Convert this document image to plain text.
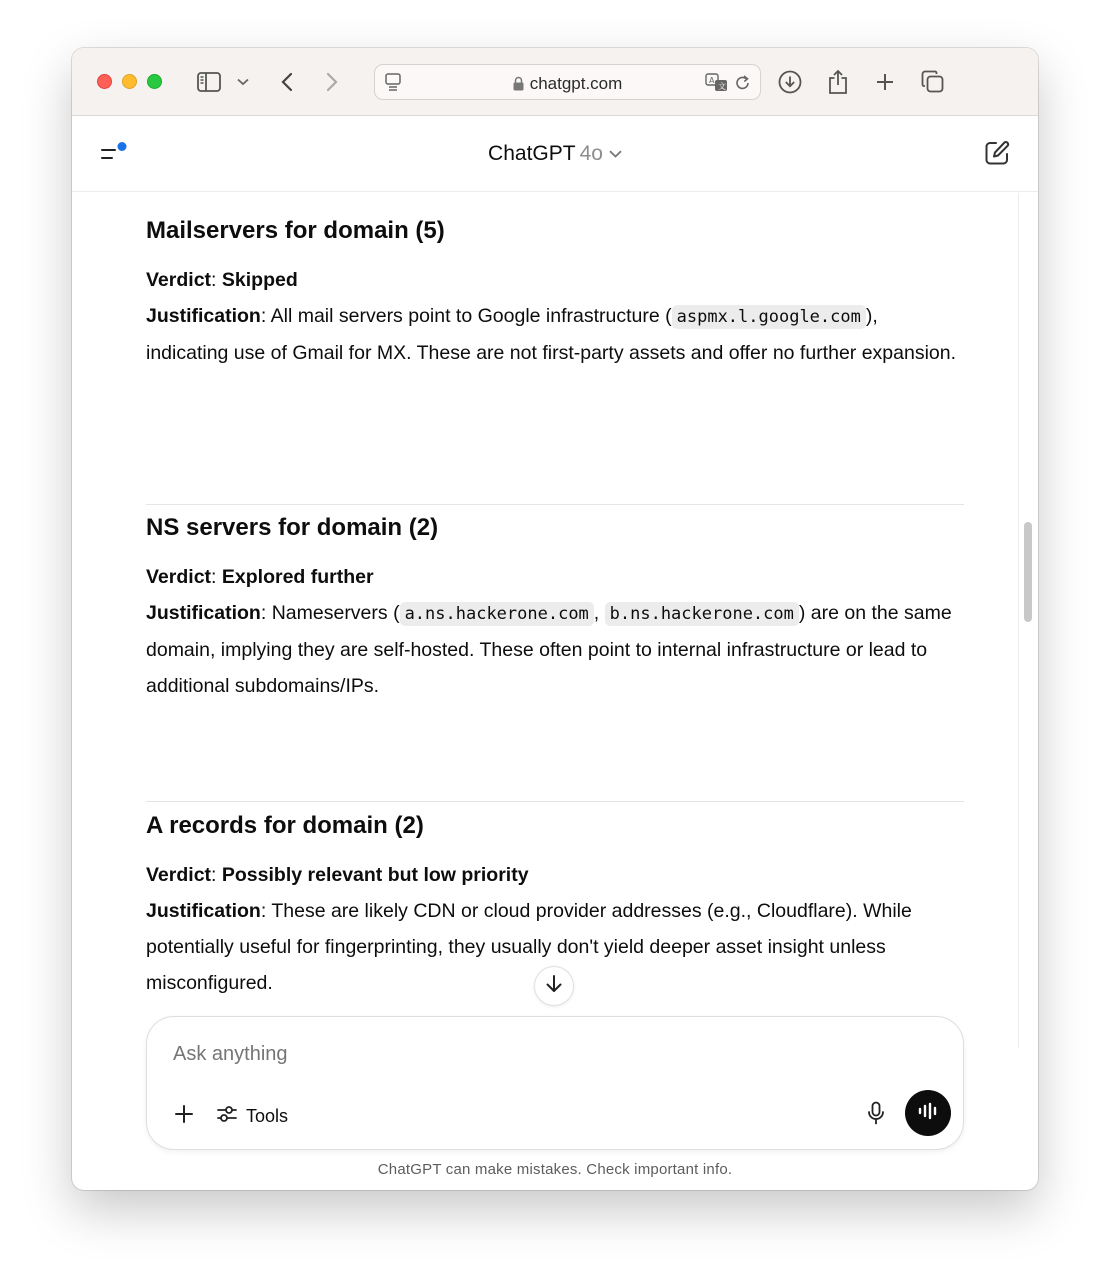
chatgpt.com	A
文
ChatGPT 4o
Mailservers for domain (5)
Verdict: Skipped
Justification: All mail servers point to Google infrastructure ( aspmx.l.google.com ), indicating use of Gmail for MX. These are not first-party assets and offer no further expansion.
NS servers for domain (2)
Verdict: Explored further
Justification: Nameservers ( a.ns.hackerone.com , b.ns.hackerone.com ) are on the same domain, implying they are self-hosted. These often point to internal infrastructure or lead to additional subdomains/IPs.
A records for domain (2)
Verdict: Possibly relevant but low priority
Justification: These are likely CDN or cloud provider addresses (e.g., Cloudflare). While potentially useful for fingerprinting, they usually don't yield deeper asset insight unless misconfigured.
Ask anything
Tools
ChatGPT can make mistakes. Check important info.
